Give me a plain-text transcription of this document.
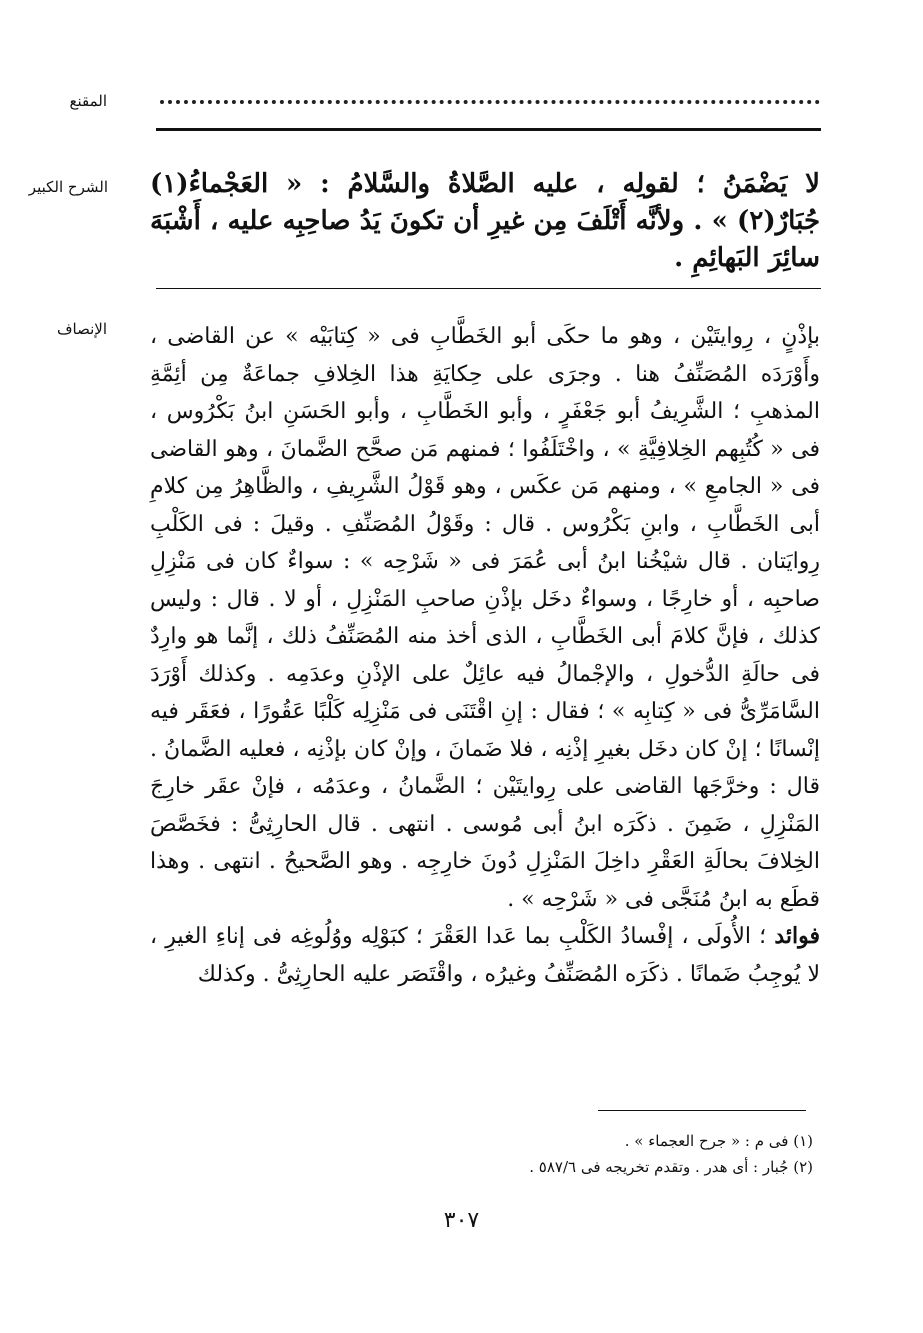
المقنع
الشرح الكبير لا يَضْمَنُ ؛ لقولِه ، عليه الصَّلاةُ والسَّلامُ : « العَجْماءُ(١) جُبَارٌ(٢) » . ولأنَّه أَتْلَفَ مِن غيرِ أن تكونَ يَدُ صاحِبِه عليه ، أَشْبَهَ سائِرَ البَهائِمِ .
الإنصاف بإذْنٍ ، رِوايتَيْن ، وهو ما حكَى أبو الخَطَّابِ فى « كِتابَيْه » عن القاضى ، وأَوْرَدَه المُصَنِّفُ هنا . وجرَى على حِكايَةِ هذا الخِلافِ جماعَةٌ مِن أئِمَّةِ المذهبِ ؛ الشَّرِيفُ أبو جَعْفَرٍ ، وأبو الخَطَّابِ ، وأبو الحَسَنِ ابنُ بَكْرُوس ، فى « كُتُبِهم الخِلافِيَّةِ » ، واخْتَلَفُوا ؛ فمنهم مَن صحَّح الضَّمانَ ، وهو القاضى فى « الجامعِ » ، ومنهم مَن عكَس ، وهو قَوْلُ الشَّرِيفِ ، والظَّاهِرُ مِن كلامِ أبى الخَطَّابِ ، وابنِ بَكْرُوس . قال : وقَوْلُ المُصَنِّفِ . وقيلَ : فى الكَلْبِ رِوايَتان . قال شيْخُنا ابنُ أبى عُمَرَ فى « شَرْحِه » : سواءٌ كان فى مَنْزِلِ صاحبِه ، أو خارِجًا ، وسواءٌ دخَل بإذْنِ صاحبِ المَنْزِلِ ، أو لا . قال : وليس كذلك ، فإنَّ كلامَ أبى الخَطَّابِ ، الذى أخذ منه المُصَنِّفُ ذلك ، إنَّما هو وارِدٌ فى حالَةِ الدُّخولِ ، والإجْمالُ فيه عائِلٌ على الإذْنِ وعدَمِه . وكذلك أَوْرَدَ السَّامَرِّىُّ فى « كِتابِه » ؛ فقال : إنِ اقْتَنَى فى مَنْزِلِه كَلْبًا عَقُورًا ، فعَقَر فيه إنْسانًا ؛ إنْ كان دخَل بغيرِ إذْنِه ، فلا ضَمانَ ، وإنْ كان بإذْنِه ، فعليه الضَّمانُ . قال : وخرَّجَها القاضى على رِوايتَيْن ؛ الضَّمانُ ، وعدَمُه ، فإنْ عقَر خارِجَ المَنْزِلِ ، ضَمِنَ . ذكَرَه ابنُ أبى مُوسى . انتهى . قال الحارِثِىُّ : فخَصَّصَ الخِلافَ بحالَةِ العَقْرِ داخِلَ المَنْزِلِ دُونَ خارِجِه . وهو الصَّحيحُ . انتهى . وهذا قطَع به ابنُ مُنَجَّى فى « شَرْحِه » .

فوائد ؛ الأُولَى ، إفْسادُ الكَلْبِ بما عَدا العَقْرَ ؛ كبَوْلِه ووُلُوغِه فى إناءِ الغيرِ ، لا يُوجِبُ ضَمانًا . ذكَرَه المُصَنِّفُ وغيرُه ، واقْتَصَر عليه الحارِثِىُّ . وكذلك

(١) فى م : « جرح العجماء » .
(٢) جُبار : أى هدر . وتقدم تخريجه فى ٥٨٧/٦ .
٣٠٧
